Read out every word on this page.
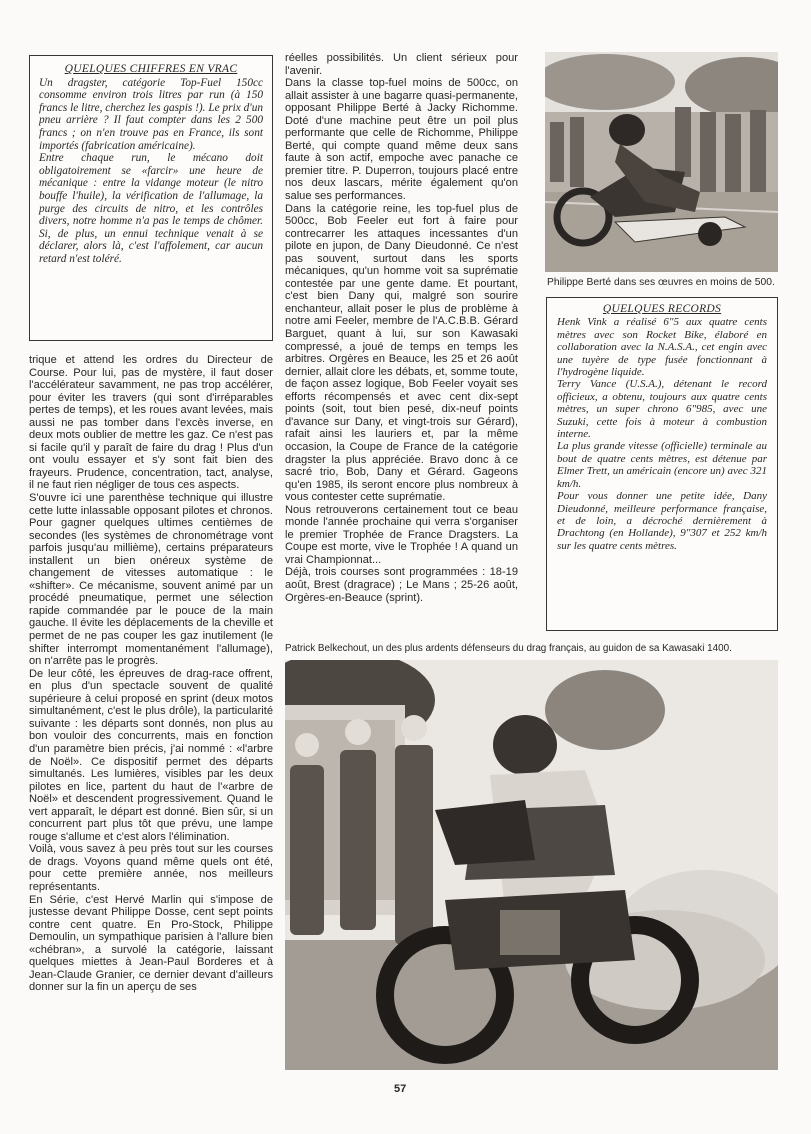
QUELQUES CHIFFRES EN VRAC

Un dragster, catégorie Top-Fuel 150cc consomme environ trois litres par run (à 150 francs le litre, cherchez les gaspis !). Le prix d'un pneu arrière ? Il faut compter dans les 2 500 francs ; on n'en trouve pas en France, ils sont importés (fabrication américaine).

Entre chaque run, le mécano doit obligatoirement se «farcir» une heure de mécanique : entre la vidange moteur (le nitro bouffe l'huile), la vérification de l'allumage, la purge des circuits de nitro, et les contrôles divers, notre homme n'a pas le temps de chômer. Si, de plus, un ennui technique venait à se déclarer, alors là, c'est l'affolement, car aucun retard n'est toléré.

trique et attend les ordres du Directeur de Course. Pour lui, pas de mystère, il faut doser l'accélérateur savamment, ne pas trop accélérer, pour éviter les travers (qui sont d'irréparables pertes de temps), et les roues avant levées, mais aussi ne pas tomber dans l'excès inverse, en deux mots oublier de mettre les gaz. Ce n'est pas si facile qu'il y paraît de faire du drag ! Plus d'un ont voulu essayer et s'y sont fait bien des frayeurs. Prudence, concentration, tact, analyse, il ne faut rien négliger de tous ces aspects.

S'ouvre ici une parenthèse technique qui illustre cette lutte inlassable opposant pilotes et chronos. Pour gagner quelques ultimes centièmes de secondes (les systèmes de chronométrage vont parfois jusqu'au millième), certains préparateurs installent un bien onéreux système de changement de vitesses automatique : le «shifter». Ce mécanisme, souvent animé par un procédé pneumatique, permet une sélection rapide commandée par le pouce de la main gauche. Il évite les déplacements de la cheville et permet de ne pas couper les gaz inutilement (le shifter interrompt momentanément l'allumage), on n'arrête pas le progrès.

De leur côté, les épreuves de drag-race offrent, en plus d'un spectacle souvent de qualité supérieure à celui proposé en sprint (deux motos simultanément, c'est le plus drôle), la particularité suivante : les départs sont donnés, non plus au bon vouloir des concurrents, mais en fonction d'un paramètre bien précis, j'ai nommé : «l'arbre de Noël». Ce dispositif permet des départs simultanés. Les lumières, visibles par les deux pilotes en lice, partent du haut de l'«arbre de Noël» et descendent progressivement. Quand le vert apparaît, le départ est donné. Bien sûr, si un concurrent part plus tôt que prévu, une lampe rouge s'allume et c'est alors l'élimination.

Voilà, vous savez à peu près tout sur les courses de drags. Voyons quand même quels ont été, pour cette première année, nos meilleurs représentants.

En Série, c'est Hervé Marlin qui s'impose de justesse devant Philippe Dosse, cent sept points contre cent quatre. En Pro-Stock, Philippe Demoulin, un sympathique parisien à l'allure bien «chébran», a survolé la catégorie, laissant quelques miettes à Jean-Paul Borderes et à Jean-Claude Granier, ce dernier devant d'ailleurs donner sur la fin un aperçu de ses

réelles possibilités. Un client sérieux pour l'avenir.

Dans la classe top-fuel moins de 500cc, on allait assister à une bagarre quasi-permanente, opposant Philippe Berté à Jacky Richomme. Doté d'une machine peut être un poil plus performante que celle de Richomme, Philippe Berté, qui compte quand même deux sans faute à son actif, empoche avec panache ce premier titre. P. Duperron, toujours placé entre nos deux lascars, mérite également qu'on salue ses performances.

Dans la catégorie reine, les top-fuel plus de 500cc, Bob Feeler eut fort à faire pour contrecarrer les attaques incessantes d'un pilote en jupon, de Dany Dieudonné. Ce n'est pas souvent, surtout dans les sports mécaniques, qu'un homme voit sa suprématie contestée par une gente dame. Et pourtant, c'est bien Dany qui, malgré son sourire enchanteur, allait poser le plus de problème à notre ami Feeler, membre de l'A.C.B.B. Gérard Barguet, quant à lui, sur son Kawasaki compressé, a joué de temps en temps les arbitres. Orgères en Beauce, les 25 et 26 août dernier, allait clore les débats, et, somme toute, de façon assez logique, Bob Feeler voyait ses efforts récompensés et avec cent dix-sept points (soit, tout bien pesé, dix-neuf points d'avance sur Dany, et vingt-trois sur Gérard), rafait ainsi les lauriers et, par la même occasion, la Coupe de France de la catégorie dragster la plus appréciée. Bravo donc à ce sacré trio, Bob, Dany et Gérard. Gageons qu'en 1985, ils seront encore plus nombreux à vous contester cette suprématie.

Nous retrouverons certainement tout ce beau monde l'année prochaine qui verra s'organiser le premier Trophée de France Dragsters. La Coupe est morte, vive le Trophée ! A quand un vrai Championnat...

Déjà, trois courses sont programmées : 18-19 août, Brest (dragrace) ; Le Mans ; 25-26 août, Orgères-en-Beauce (sprint).

Philippe Berté dans ses œuvres en moins de 500.
QUELQUES RECORDS

Henk Vink a réalisé 6"5 aux quatre cents mètres avec son Rocket Bike, élaboré en collaboration avec la N.A.S.A., cet engin avec une tuyère de type fusée fonctionnant à l'hydrogène liquide.

Terry Vance (U.S.A.), détenant le record officieux, a obtenu, toujours aux quatre cents mètres, un super chrono 6"985, avec une Suzuki, cette fois à moteur à combustion interne.

La plus grande vitesse (officielle) terminale au bout de quatre cents mètres, est détenue par Elmer Trett, un américain (encore un) avec 321 km/h.

Pour vous donner une petite idée, Dany Dieudonné, meilleure performance française, et de loin, a décroché dernièrement à Drachtong (en Hollande), 9"307 et 252 km/h sur les quatre cents mètres.

Patrick Belkechout, un des plus ardents défenseurs du drag français, au guidon de sa Kawasaki 1400.
57
